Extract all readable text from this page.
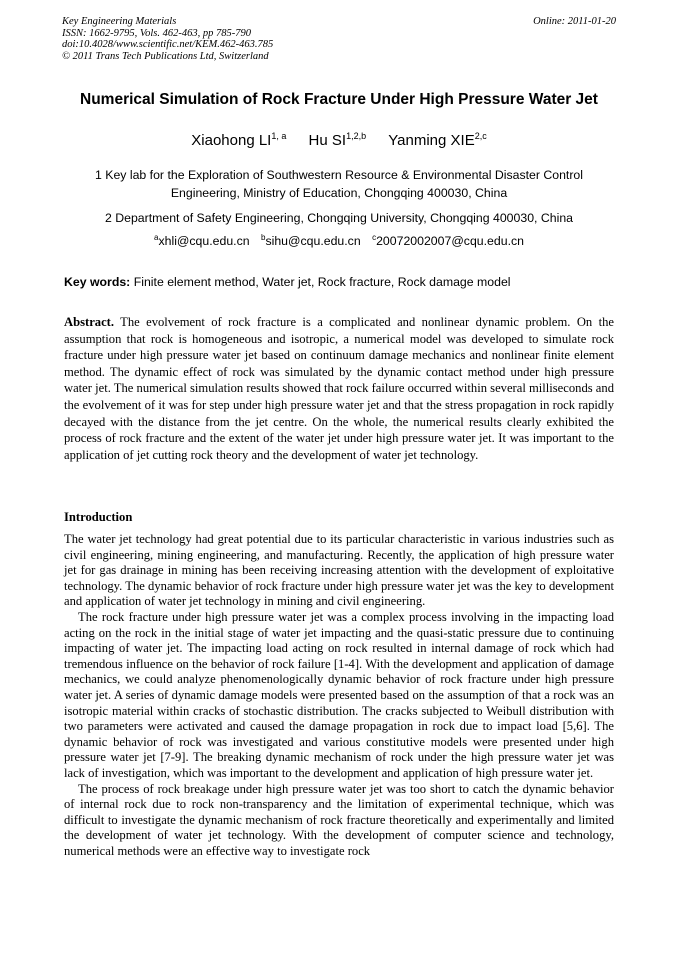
Key Engineering Materials
ISSN: 1662-9795, Vols. 462-463, pp 785-790
doi:10.4028/www.scientific.net/KEM.462-463.785
© 2011 Trans Tech Publications Ltd, Switzerland
Online: 2011-01-20
Numerical Simulation of Rock Fracture Under High Pressure Water Jet
Xiaohong LI$^{1, a}$ Hu SI$^{1,2,b}$ Yanming XIE$^{2,c}$
1 Key lab for the Exploration of Southwestern Resource & Environmental Disaster Control
Engineering, Ministry of Education, Chongqing 400030, China
2 Department of Safety Engineering, Chongqing University, Chongqing 400030, China
$^a$xhli@cqu.edu.cn $^b$sihu@cqu.edu.cn $^c$20072002007@cqu.edu.cn
Key words: Finite element method, Water jet, Rock fracture, Rock damage model
Abstract. The evolvement of rock fracture is a complicated and nonlinear dynamic problem. On the assumption that rock is homogeneous and isotropic, a numerical model was developed to simulate rock fracture under high pressure water jet based on continuum damage mechanics and nonlinear finite element method. The dynamic effect of rock was simulated by the dynamic contact method under high pressure water jet. The numerical simulation results showed that rock failure occurred within several milliseconds and the evolvement of it was for step under high pressure water jet and that the stress propagation in rock rapidly decayed with the distance from the jet centre. On the whole, the numerical results clearly exhibited the process of rock fracture and the extent of the water jet under high pressure water jet. It was important to the application of jet cutting rock theory and the development of water jet technology.
Introduction

The water jet technology had great potential due to its particular characteristic in various industries such as civil engineering, mining engineering, and manufacturing. Recently, the application of high pressure water jet for gas drainage in mining has been receiving increasing attention with the development of exploitative technology. The dynamic behavior of rock fracture under high pressure water jet was the key to development and application of water jet technology in mining and civil engineering.

The rock fracture under high pressure water jet was a complex process involving in the impacting load acting on the rock in the initial stage of water jet impacting and the quasi-static pressure due to continuing impacting of water jet. The impacting load acting on rock resulted in internal damage of rock which had tremendous influence on the behavior of rock failure [1-4]. With the development and application of damage mechanics, we could analyze phenomenologically dynamic behavior of rock fracture under high pressure water jet. A series of dynamic damage models were presented based on the assumption of that a rock was an isotropic material within cracks of stochastic distribution. The cracks subjected to Weibull distribution with two parameters were activated and caused the damage propagation in rock due to impact load [5,6]. The dynamic behavior of rock was investigated and various constitutive models were presented under high pressure water jet [7-9]. The breaking dynamic mechanism of rock under the high pressure water jet was lack of investigation, which was important to the development and application of high pressure water jet.

The process of rock breakage under high pressure water jet was too short to catch the dynamic behavior of internal rock due to rock non-transparency and the limitation of experimental technique, which was difficult to investigate the dynamic mechanism of rock fracture theoretically and experimentally and limited the development of water jet technology. With the development of computer science and technology, numerical methods were an effective way to investigate rock
